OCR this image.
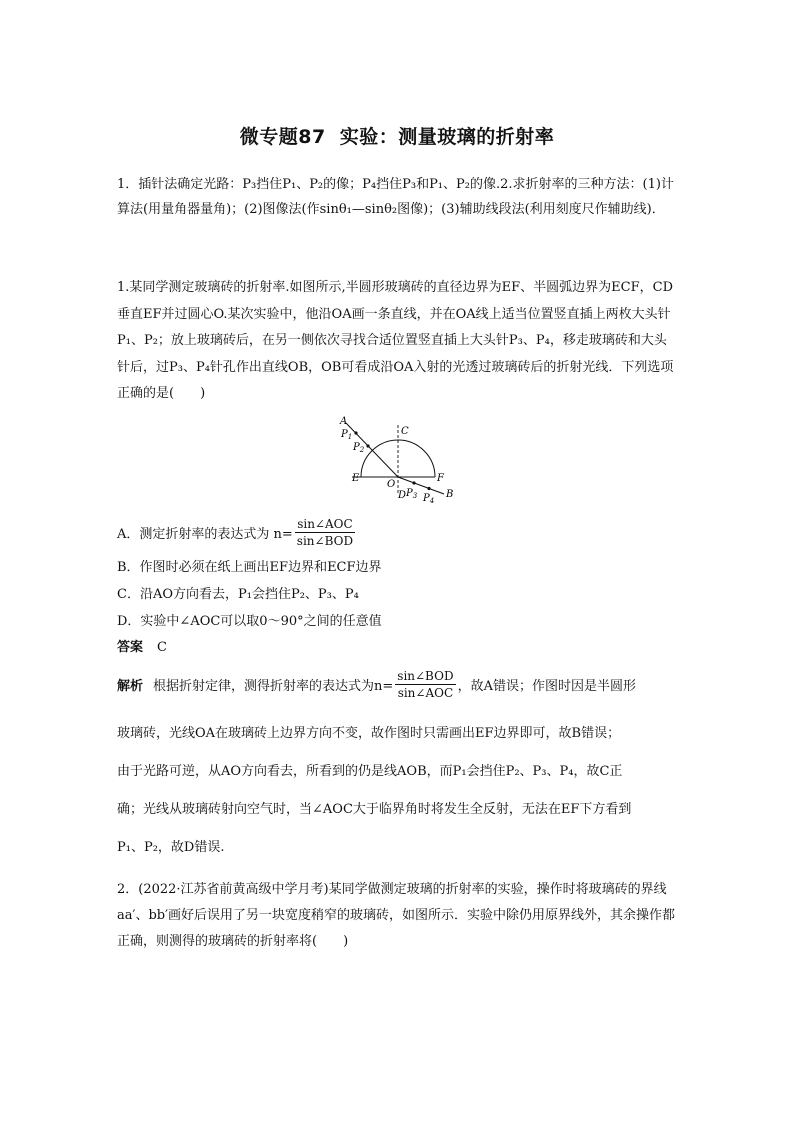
微专题87 实验：测量玻璃的折射率
1．插针法确定光路：P₃挡住P₁、P₂的像；P₄挡住P₃和P₁、P₂的像.2.求折射率的三种方法：(1)计算法(用量角器量角)；(2)图像法(作sinθ₁—sinθ₂图像)；(3)辅助线段法(利用刻度尺作辅助线)．
1.某同学测定玻璃砖的折射率.如图所示,半圆形玻璃砖的直径边界为EF、半圆弧边界为ECF，CD垂直EF并过圆心O.某次实验中，他沿OA画一条直线，并在OA线上适当位置竖直插上两枚大头针P₁、P₂；放上玻璃砖后，在另一侧依次寻找合适位置竖直插上大头针P₃、P₄，移走玻璃砖和大头针后，过P₃、P₄针孔作出直线OB，OB可看成沿OA入射的光透过玻璃砖后的折射光线．下列选项正确的是(　　)
A
$P_1$
$P_2$
C
E	F
O
D $P_3$ $P_4$
B
A．测定折射率的表达式为 $n= \frac{\text{sin∠AOC}}{\text{sin∠BOD}}$
B．作图时必须在纸上画出EF边界和ECF边界
C．沿AO方向看去，P₁会挡住P₂、P₃、P₄
D．实验中∠AOC可以取0～90°之间的任意值
答案 C
解析 根据折射定律，测得折射率的表达式为$n= \frac{\text{sin∠BOD}}{\text{sin∠AOC}}$ ，故A错误；作图时因是半圆形
玻璃砖，光线OA在玻璃砖上边界方向不变，故作图时只需画出EF边界即可，故B错误；
由于光路可逆，从AO方向看去，所看到的仍是线AOB，而P₁会挡住P₂、P₃、P₄，故C正
确；光线从玻璃砖射向空气时，当∠AOC大于临界角时将发生全反射，无法在EF下方看到
P₁、P₂，故D错误.
2．(2022·江苏省前黄高级中学月考)某同学做测定玻璃的折射率的实验，操作时将玻璃砖的界线aa′、bb′画好后误用了另一块宽度稍窄的玻璃砖，如图所示．实验中除仍用原界线外，其余操作都正确，则测得的玻璃砖的折射率将(　　)
